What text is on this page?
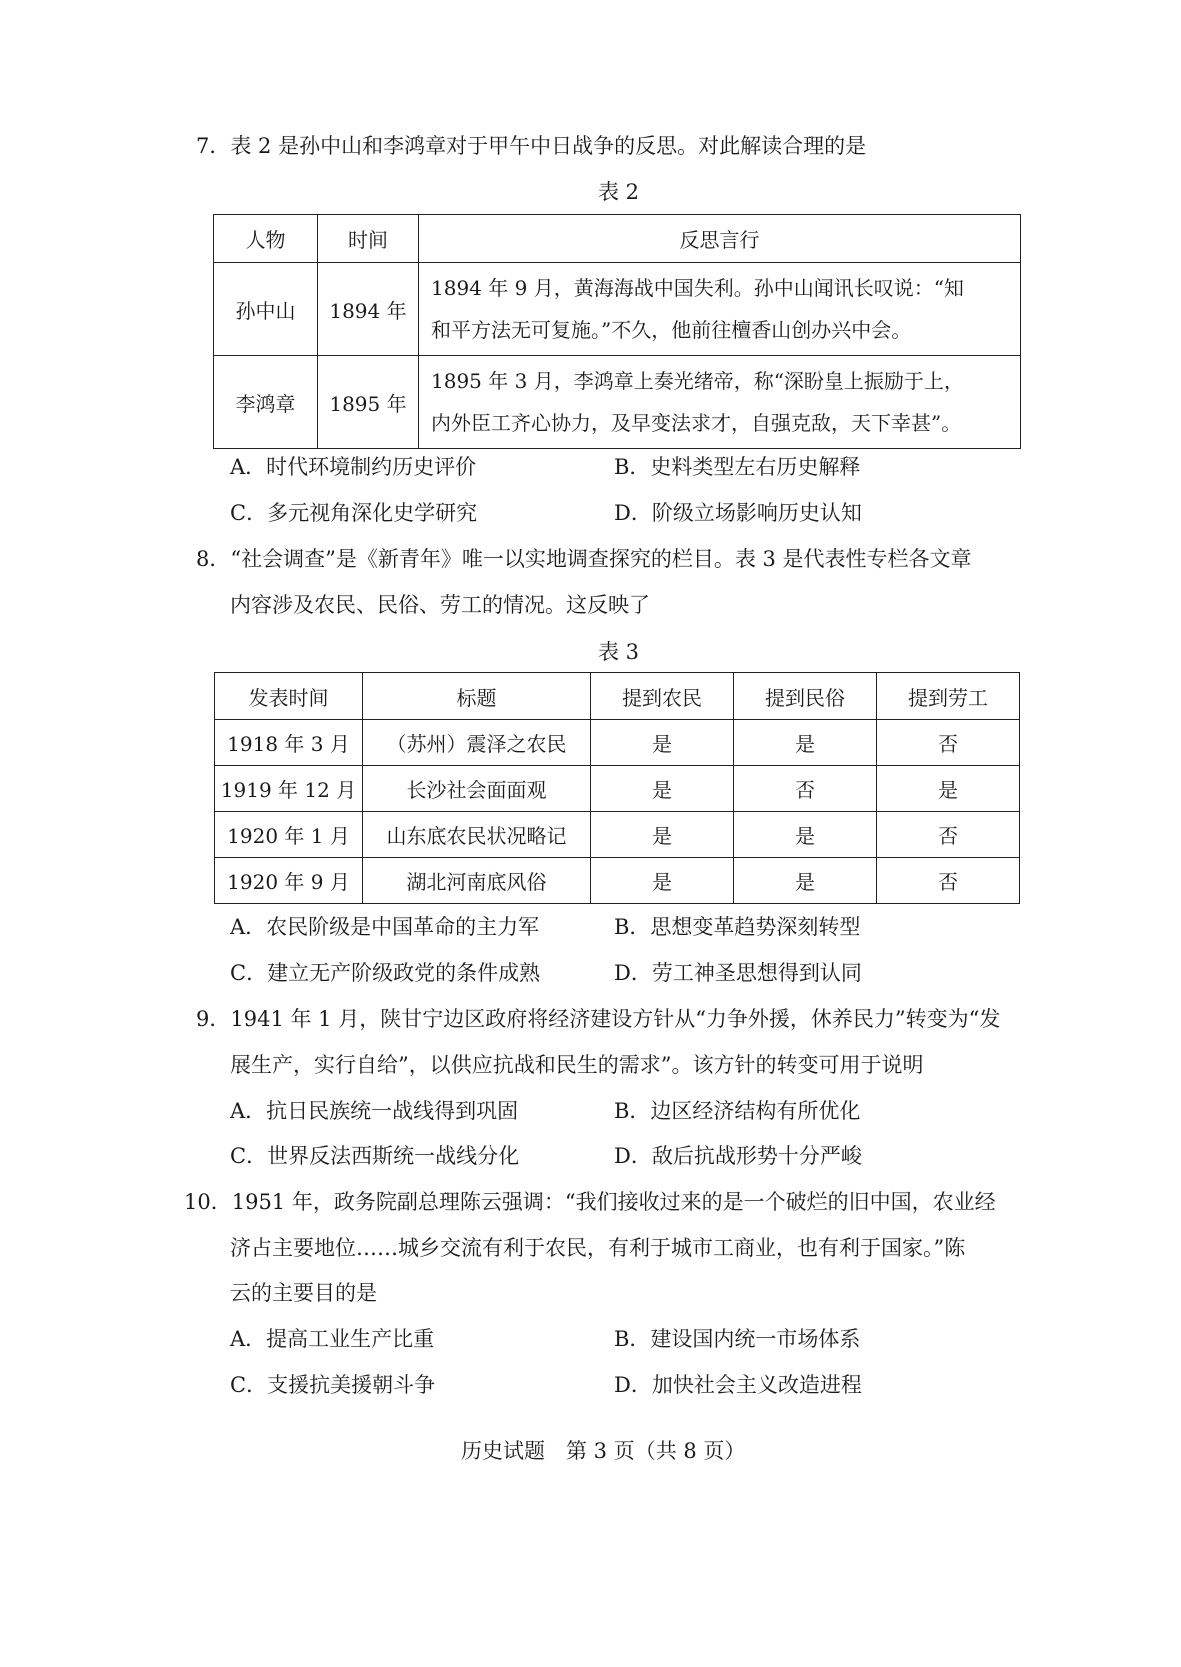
7．表 2 是孙中山和李鸿章对于甲午中日战争的反思。对此解读合理的是
表 2
人物	时间	反思言行
孙中山	1894 年	1894 年 9 月，黄海海战中国失利。孙中山闻讯长叹说：“知
和平方法无可复施。”不久，他前往檀香山创办兴中会。

李鸿章	1895 年	1895 年 3 月，李鸿章上奏光绪帝，称“深盼皇上振励于上，
内外臣工齐心协力，及早变法求才，自强克敌，天下幸甚”。
A．时代环境制约历史评价	B．史料类型左右历史解释
C．多元视角深化史学研究	D．阶级立场影响历史认知
8．“社会调查”是《新青年》唯一以实地调查探究的栏目。表 3 是代表性专栏各文章
内容涉及农民、民俗、劳工的情况。这反映了
表 3
发表时间	标题	提到农民	提到民俗	提到劳工
1918 年 3 月	（苏州）震泽之农民	是	是	否
1919 年 12 月	长沙社会面面观	是	否	是
1920 年 1 月	山东底农民状况略记	是	是	否
1920 年 9 月	湖北河南底风俗	是	是	否
A．农民阶级是中国革命的主力军	B．思想变革趋势深刻转型
C．建立无产阶级政党的条件成熟	D．劳工神圣思想得到认同
9．1941 年 1 月，陕甘宁边区政府将经济建设方针从“力争外援，休养民力”转变为“发
展生产，实行自给”，以供应抗战和民生的需求”。该方针的转变可用于说明
A．抗日民族统一战线得到巩固	B．边区经济结构有所优化
C．世界反法西斯统一战线分化	D．敌后抗战形势十分严峻
10．1951 年，政务院副总理陈云强调：“我们接收过来的是一个破烂的旧中国，农业经
济占主要地位……城乡交流有利于农民，有利于城市工商业，也有利于国家。”陈
云的主要目的是
A．提高工业生产比重	B．建设国内统一市场体系
C．支援抗美援朝斗争	D．加快社会主义改造进程
历史试题　第 3 页（共 8 页）
